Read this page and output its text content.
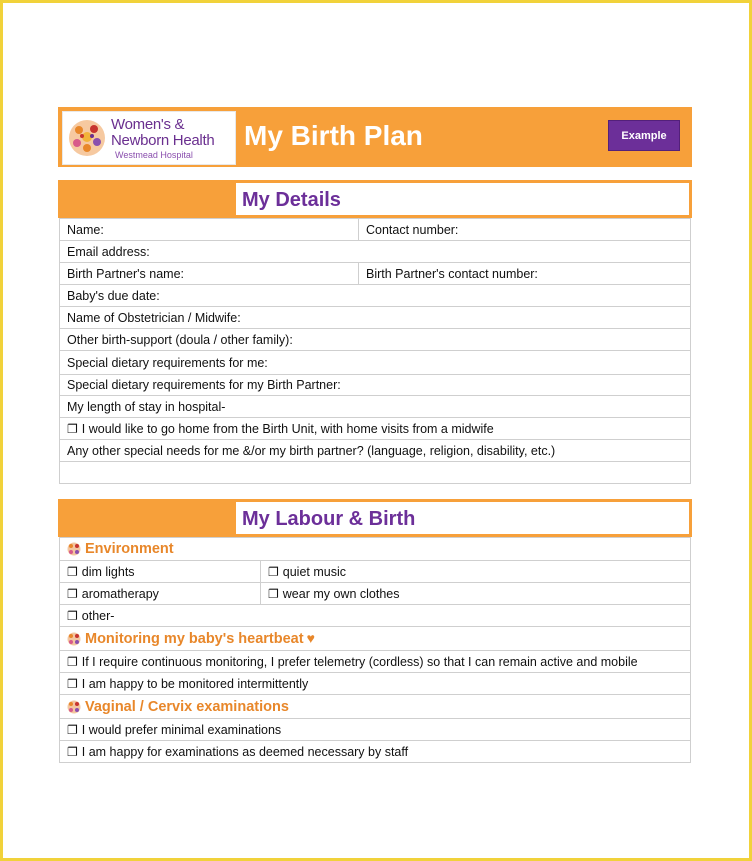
Women's &
Newborn Health
Westmead Hospital
My Birth Plan	Example
My Details
Name:	Contact number:
Email address:	
Birth Partner's name:	Birth Partner's contact number:
Baby's due date:	
Name of Obstetrician / Midwife:	
Other birth-support (doula / other family):	
Special dietary requirements for me:	
Special dietary requirements for my Birth Partner:	
My length of stay in hospital-	
❐ I would like to go home from the Birth Unit, with home visits from a midwife	
Any other special needs for me &/or my birth partner? (language, religion, disability, etc.)	

My Labour & Birth
Environment	
❐ dim lights	❐ quiet music
❐ aromatherapy	❐ wear my own clothes
❐ other-	
Monitoring my baby's heartbeat ♥	
❐ If I require continuous monitoring, I prefer telemetry (cordless) so that I can remain active and mobile	
❐ I am happy to be monitored intermittently	
Vaginal / Cervix examinations	
❐ I would prefer minimal examinations	
❐ I am happy for examinations as deemed necessary by staff	
